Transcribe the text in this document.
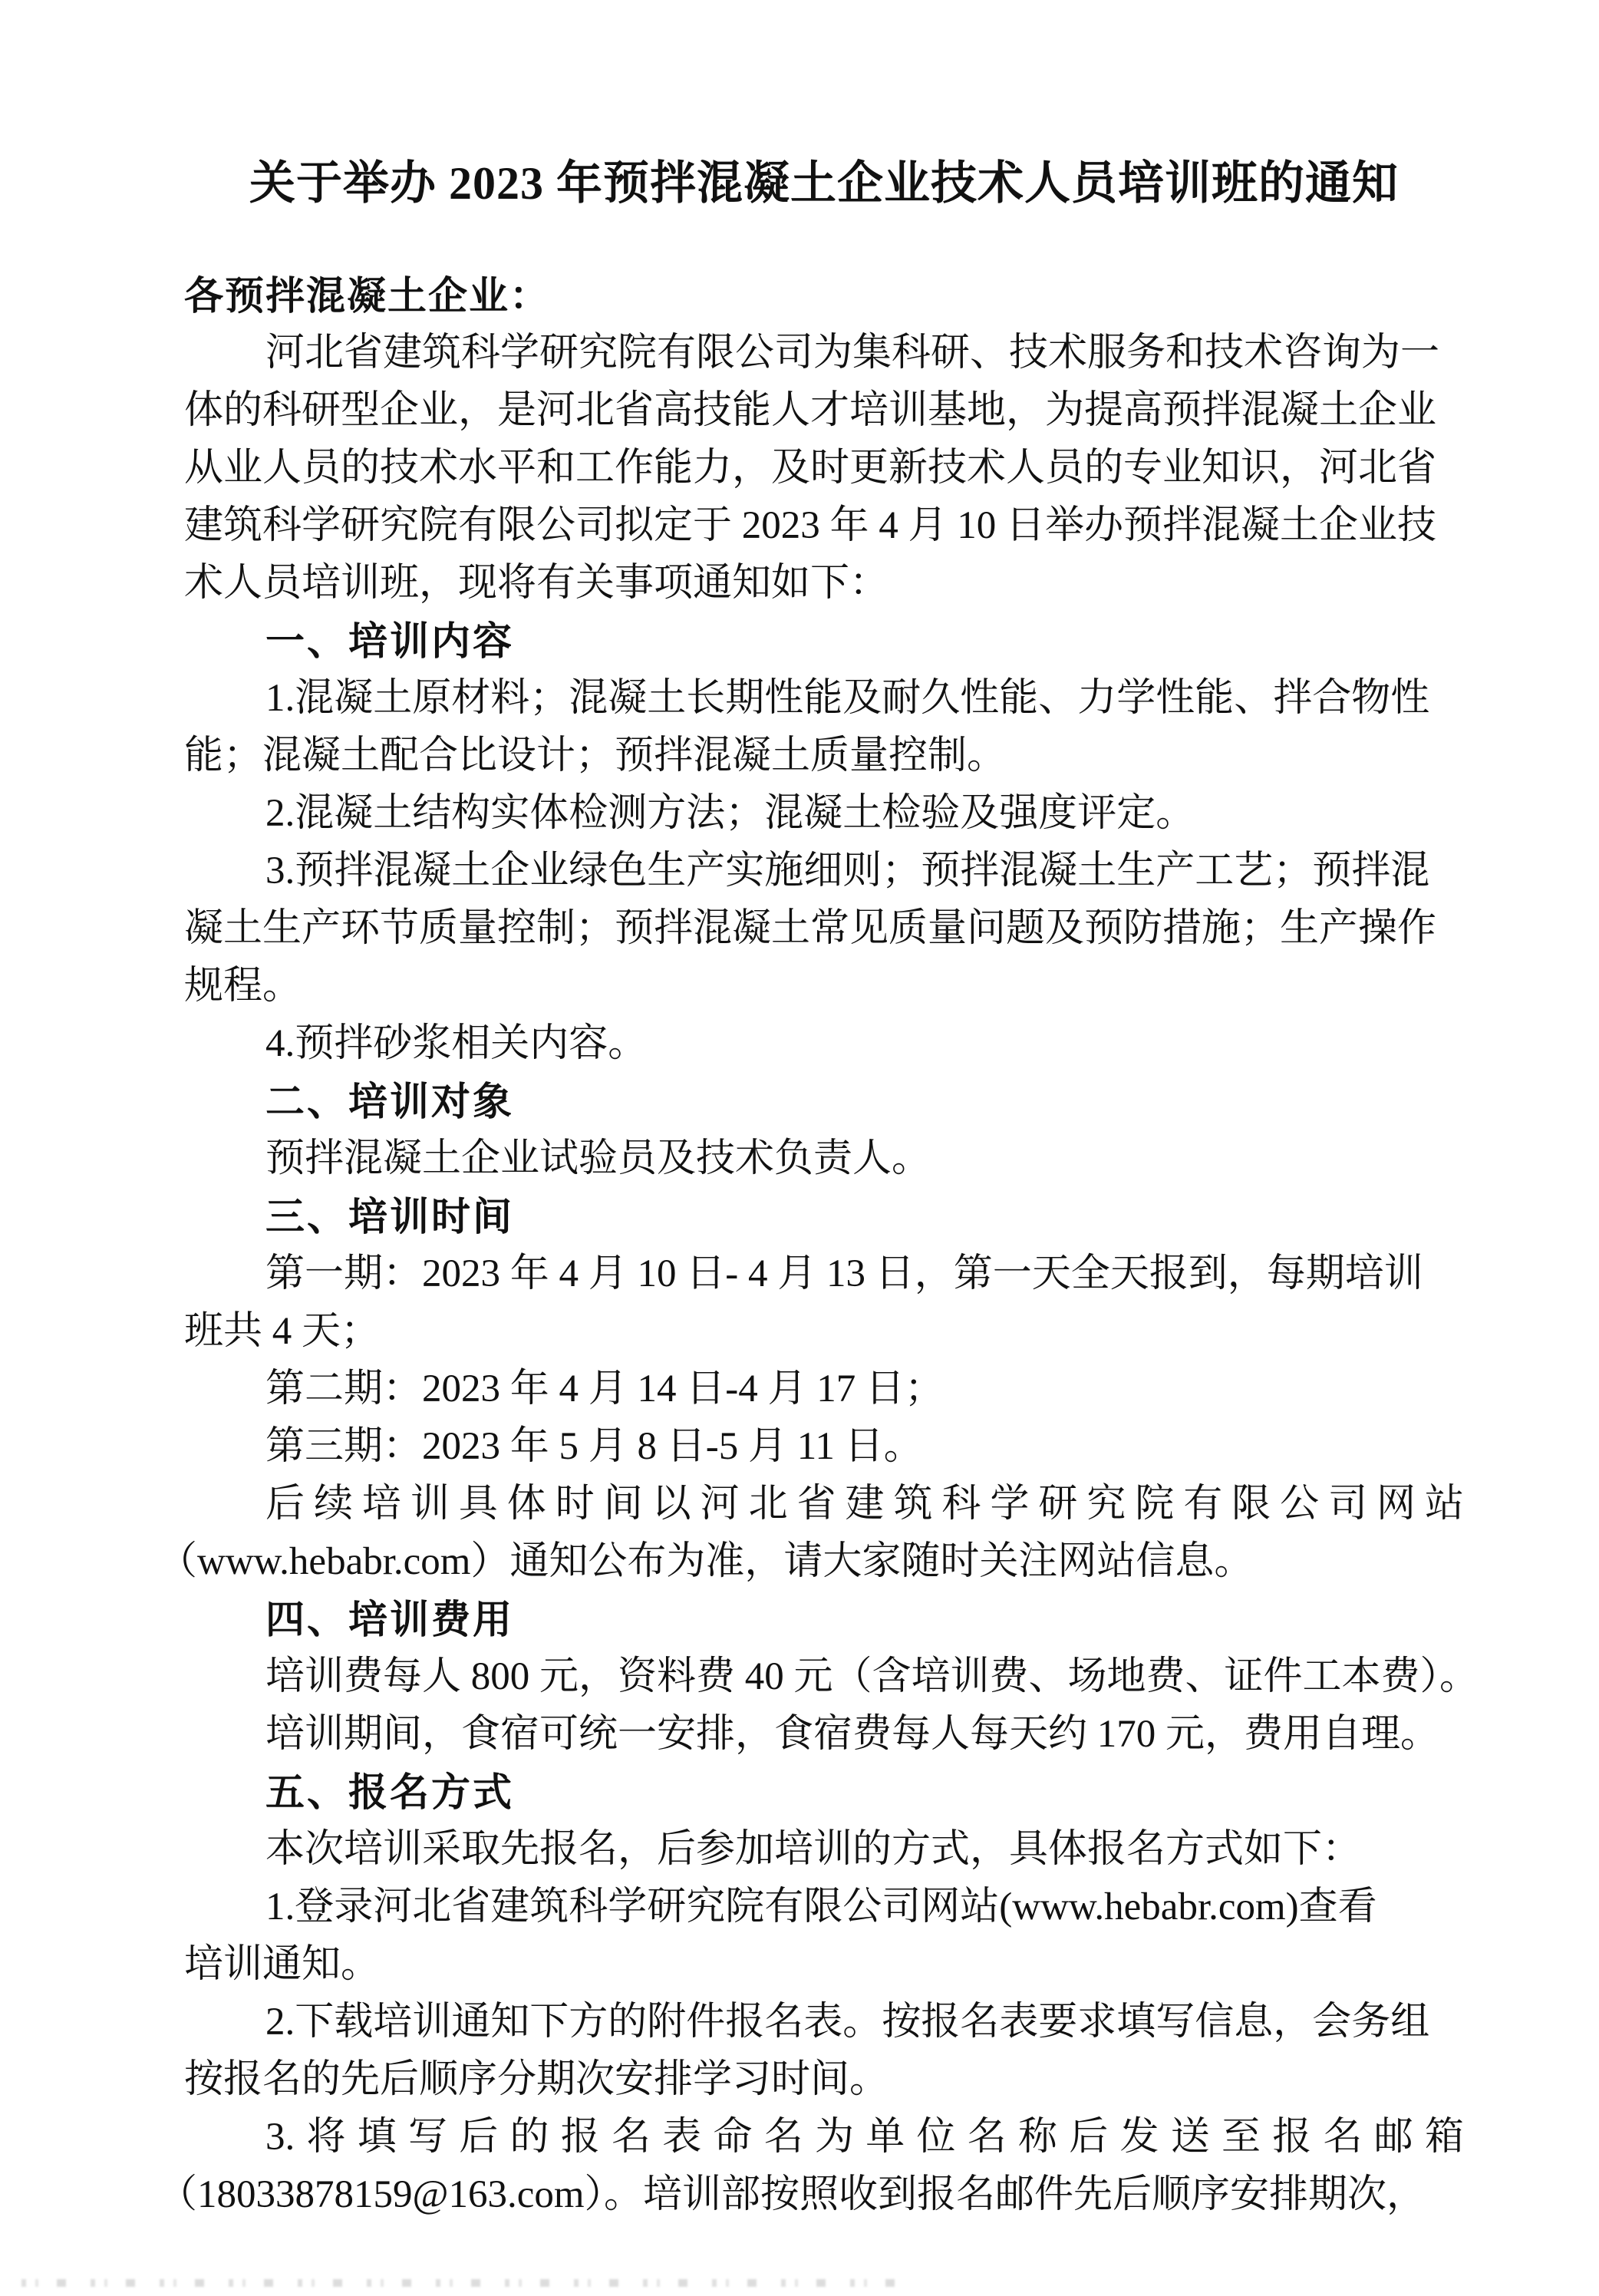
关于举办 2023 年预拌混凝土企业技术人员培训班的通知
各预拌混凝土企业：
河北省建筑科学研究院有限公司为集科研、技术服务和技术咨询为一
体的科研型企业，是河北省高技能人才培训基地，为提高预拌混凝土企业
从业人员的技术水平和工作能力，及时更新技术人员的专业知识，河北省
建筑科学研究院有限公司拟定于 2023 年 4 月 10 日举办预拌混凝土企业技
术人员培训班，现将有关事项通知如下：
一、培训内容
1.混凝土原材料；混凝土长期性能及耐久性能、力学性能、拌合物性
能；混凝土配合比设计；预拌混凝土质量控制。
2.混凝土结构实体检测方法；混凝土检验及强度评定。
3.预拌混凝土企业绿色生产实施细则；预拌混凝土生产工艺；预拌混
凝土生产环节质量控制；预拌混凝土常见质量问题及预防措施；生产操作
规程。
4.预拌砂浆相关内容。
二、培训对象
预拌混凝土企业试验员及技术负责人。
三、培训时间
第一期：2023 年 4 月 10 日- 4 月 13 日，第一天全天报到，每期培训
班共 4 天；
第二期：2023 年 4 月 14 日-4 月 17 日；
第三期：2023 年 5 月 8 日-5 月 11 日。
后续培训具体时间以河北省建筑科学研究院有限公司网站
（www.hebabr.com）通知公布为准，请大家随时关注网站信息。
四、培训费用
培训费每人 800 元，资料费 40 元（含培训费、场地费、证件工本费）。
培训期间，食宿可统一安排，食宿费每人每天约 170 元，费用自理。
五、报名方式
本次培训采取先报名，后参加培训的方式，具体报名方式如下：
1.登录河北省建筑科学研究院有限公司网站(www.hebabr.com)查看
培训通知。
2.下载培训通知下方的附件报名表。按报名表要求填写信息，会务组
按报名的先后顺序分期次安排学习时间。
3.将填写后的报名表命名为单位名称后发送至报名邮箱
（18033878159@163.com）。培训部按照收到报名邮件先后顺序安排期次，
